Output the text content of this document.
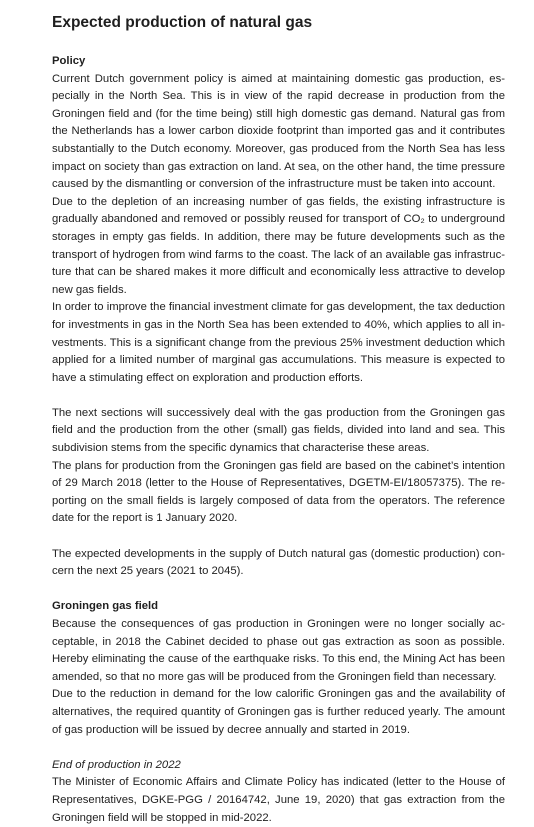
Expected production of natural gas
Policy

Current Dutch government policy is aimed at maintaining domestic gas production, especially in the North Sea. This is in view of the rapid decrease in production from the Groningen field and (for the time being) still high domestic gas demand. Natural gas from the Netherlands has a lower carbon dioxide footprint than imported gas and it contributes substantially to the Dutch economy. Moreover, gas produced from the North Sea has less impact on society than gas extraction on land. At sea, on the other hand, the time pressure caused by the dismantling or conversion of the infrastructure must be taken into account.

Due to the depletion of an increasing number of gas fields, the existing infrastructure is gradually abandoned and removed or possibly reused for transport of CO₂ to underground storages in empty gas fields. In addition, there may be future developments such as the transport of hydrogen from wind farms to the coast. The lack of an available gas infrastructure that can be shared makes it more difficult and economically less attractive to develop new gas fields.

In order to improve the financial investment climate for gas development, the tax deduction for investments in gas in the North Sea has been extended to 40%, which applies to all investments. This is a significant change from the previous 25% investment deduction which applied for a limited number of marginal gas accumulations. This measure is expected to have a stimulating effect on exploration and production efforts.

The next sections will successively deal with the gas production from the Groningen gas field and the production from the other (small) gas fields, divided into land and sea. This subdivision stems from the specific dynamics that characterise these areas.

The plans for production from the Groningen gas field are based on the cabinet’s intention of 29 March 2018 (letter to the House of Representatives, DGETM-EI/18057375). The reporting on the small fields is largely composed of data from the operators. The reference date for the report is 1 January 2020.

The expected developments in the supply of Dutch natural gas (domestic production) concern the next 25 years (2021 to 2045).

Groningen gas field

Because the consequences of gas production in Groningen were no longer socially acceptable, in 2018 the Cabinet decided to phase out gas extraction as soon as possible. Hereby eliminating the cause of the earthquake risks. To this end, the Mining Act has been amended, so that no more gas will be produced from the Groningen field than necessary.

Due to the reduction in demand for the low calorific Groningen gas and the availability of alternatives, the required quantity of Groningen gas is further reduced yearly. The amount of gas production will be issued by decree annually and started in 2019.

End of production in 2022

The Minister of Economic Affairs and Climate Policy has indicated (letter to the House of Representatives, DGKE-PGG / 20164742, June 19, 2020) that gas extraction from the Groningen field will be stopped in mid-2022.
